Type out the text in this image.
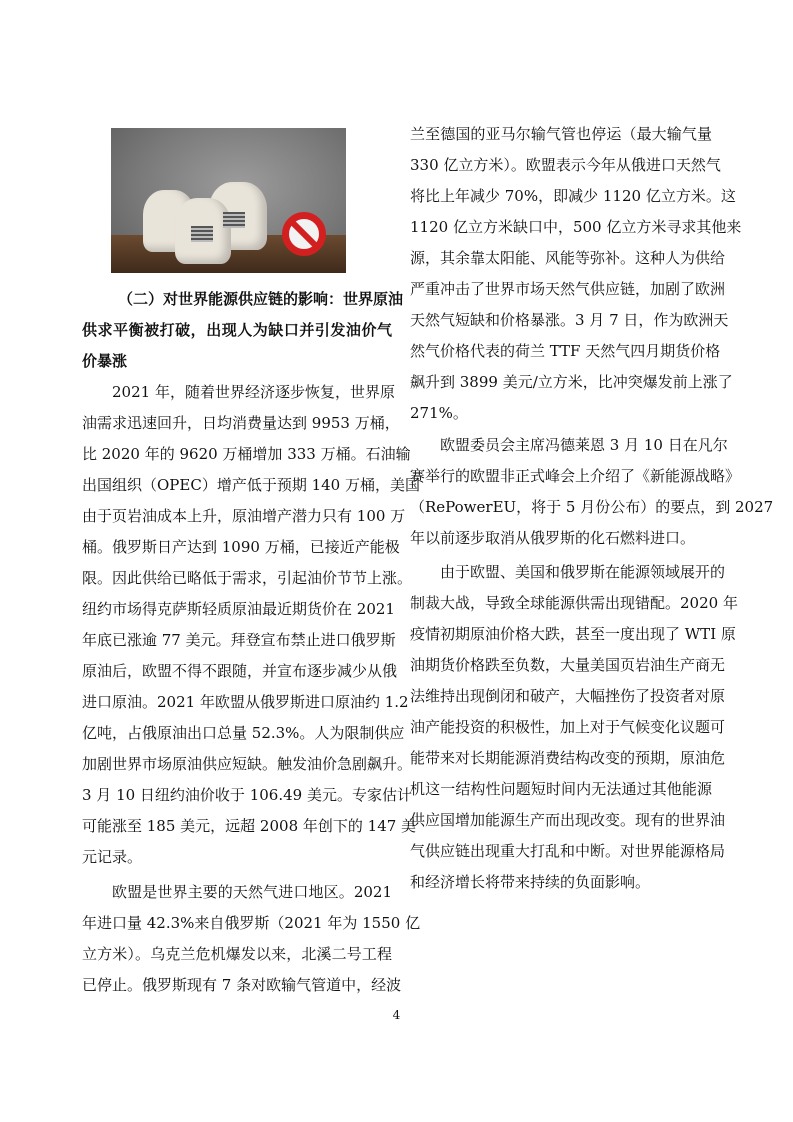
（二）对世界能源供应链的影响：世界原油
供求平衡被打破，出现人为缺口并引发油价气
价暴涨
2021 年，随着世界经济逐步恢复，世界原
油需求迅速回升，日均消费量达到 9953 万桶，
比 2020 年的 9620 万桶增加 333 万桶。石油输
出国组织（OPEC）增产低于预期 140 万桶，美国
由于页岩油成本上升，原油增产潜力只有 100 万
桶。俄罗斯日产达到 1090 万桶，已接近产能极
限。因此供给已略低于需求，引起油价节节上涨。
纽约市场得克萨斯轻质原油最近期货价在 2021
年底已涨逾 77 美元。拜登宣布禁止进口俄罗斯
原油后，欧盟不得不跟随，并宣布逐步减少从俄
进口原油。2021 年欧盟从俄罗斯进口原油约 1.2
亿吨，占俄原油出口总量 52.3%。人为限制供应
加剧世界市场原油供应短缺。触发油价急剧飙升。
3 月 10 日纽约油价收于 106.49 美元。专家估计
可能涨至 185 美元，远超 2008 年创下的 147 美
元记录。
欧盟是世界主要的天然气进口地区。2021
年进口量 42.3%来自俄罗斯（2021 年为 1550 亿
立方米）。乌克兰危机爆发以来，北溪二号工程
已停止。俄罗斯现有 7 条对欧输气管道中，经波
兰至德国的亚马尔输气管也停运（最大输气量
330 亿立方米）。欧盟表示今年从俄进口天然气
将比上年减少 70%，即减少 1120 亿立方米。这
1120 亿立方米缺口中，500 亿立方米寻求其他来
源，其余靠太阳能、风能等弥补。这种人为供给
严重冲击了世界市场天然气供应链，加剧了欧洲
天然气短缺和价格暴涨。3 月 7 日，作为欧洲天
然气价格代表的荷兰 TTF 天然气四月期货价格
飙升到 3899 美元/立方米，比冲突爆发前上涨了
271%。
欧盟委员会主席冯德莱恩 3 月 10 日在凡尔
赛举行的欧盟非正式峰会上介绍了《新能源战略》
（RePowerEU，将于 5 月份公布）的要点，到 2027
年以前逐步取消从俄罗斯的化石燃料进口。
由于欧盟、美国和俄罗斯在能源领域展开的
制裁大战，导致全球能源供需出现错配。2020 年
疫情初期原油价格大跌，甚至一度出现了 WTI 原
油期货价格跌至负数，大量美国页岩油生产商无
法维持出现倒闭和破产，大幅挫伤了投资者对原
油产能投资的积极性，加上对于气候变化议题可
能带来对长期能源消费结构改变的预期，原油危
机这一结构性问题短时间内无法通过其他能源
供应国增加能源生产而出现改变。现有的世界油
气供应链出现重大打乱和中断。对世界能源格局
和经济增长将带来持续的负面影响。
4
